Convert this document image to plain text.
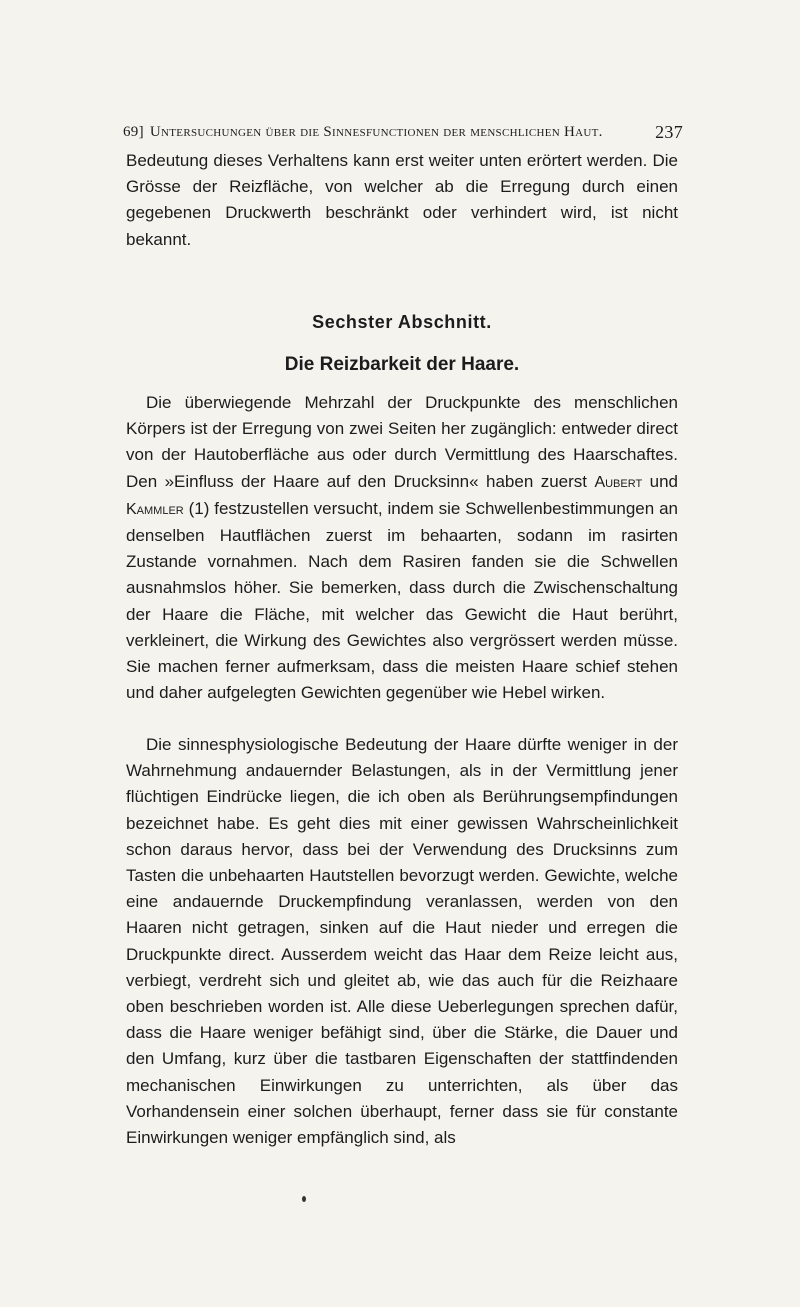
69] Untersuchungen über die Sinnesfunctionen der menschlichen Haut.	237

Bedeutung dieses Verhaltens kann erst weiter unten erörtert werden. Die Grösse der Reizfläche, von welcher ab die Erregung durch einen gegebenen Druckwerth beschränkt oder verhindert wird, ist nicht bekannt.

Sechster Abschnitt.
Die Reizbarkeit der Haare.

Die überwiegende Mehrzahl der Druckpunkte des menschlichen Körpers ist der Erregung von zwei Seiten her zugänglich: entweder direct von der Hautoberfläche aus oder durch Vermittlung des Haarschaftes. Den »Einfluss der Haare auf den Drucksinn« haben zuerst Aubert und Kammler (1) festzustellen versucht, indem sie Schwellenbestimmungen an denselben Hautflächen zuerst im behaarten, sodann im rasirten Zustande vornahmen. Nach dem Rasiren fanden sie die Schwellen ausnahmslos höher. Sie bemerken, dass durch die Zwischenschaltung der Haare die Fläche, mit welcher das Gewicht die Haut berührt, verkleinert, die Wirkung des Gewichtes also vergrössert werden müsse. Sie machen ferner aufmerksam, dass die meisten Haare schief stehen und daher aufgelegten Gewichten gegenüber wie Hebel wirken.

Die sinnesphysiologische Bedeutung der Haare dürfte weniger in der Wahrnehmung andauernder Belastungen, als in der Vermittlung jener flüchtigen Eindrücke liegen, die ich oben als Berührungsempfindungen bezeichnet habe. Es geht dies mit einer gewissen Wahrscheinlichkeit schon daraus hervor, dass bei der Verwendung des Drucksinns zum Tasten die unbehaarten Hautstellen bevorzugt werden. Gewichte, welche eine andauernde Druckempfindung veranlassen, werden von den Haaren nicht getragen, sinken auf die Haut nieder und erregen die Druckpunkte direct. Ausserdem weicht das Haar dem Reize leicht aus, verbiegt, verdreht sich und gleitet ab, wie das auch für die Reizhaare oben beschrieben worden ist. Alle diese Ueberlegungen sprechen dafür, dass die Haare weniger befähigt sind, über die Stärke, die Dauer und den Umfang, kurz über die tastbaren Eigenschaften der stattfindenden mechanischen Einwirkungen zu unterrichten, als über das Vorhandensein einer solchen überhaupt, ferner dass sie für constante Einwirkungen weniger empfänglich sind, als
